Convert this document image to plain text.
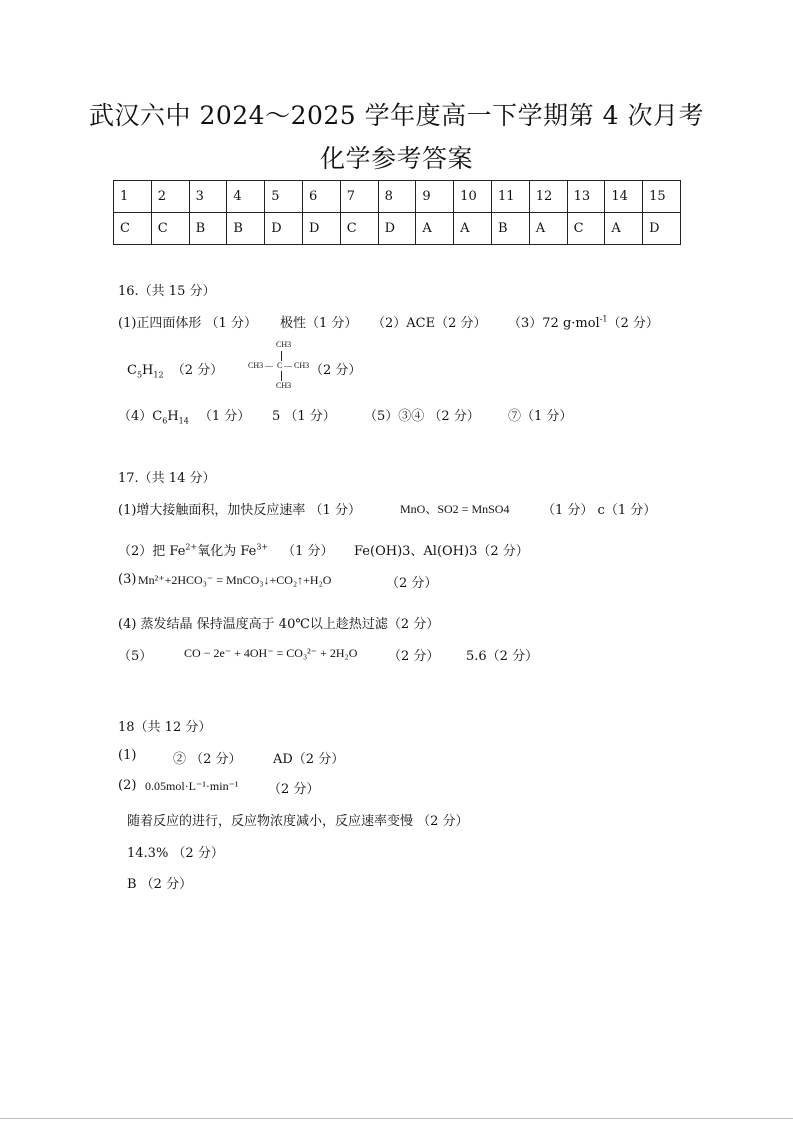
武汉六中 2024～2025 学年度高一下学期第 4 次月考
化学参考答案
1	2	3	4	5	6	7	8	9	10	11	12	13	14	15
C	C	B	B	D	D	C	D	A	A	B	A	C	A	D
16.（共 15 分）
(1)正四面体形 （1 分） 极性（1 分） （2）ACE（2 分） （3）72 g·mol$^{-1}$（2 分）
$C_5H_{12}$ （2 分）
CH3
CH3 — C — CH3
CH3
（2 分）
$(4)C_6H_{14}$ （1 分） 5 （1 分） （5）③④ （2 分） ⑦（1 分）
17.（共 14 分）
(1)增大接触面积，加快反应速率 （1 分）	MnO、SO2 = MnSO4	（1 分） c（1 分）
（2）把 $Fe^{2+}$氧化为 $Fe^{3+}$ （1 分） Fe(OH)3、Al(OH)3（2 分）
(3) Mn²⁺+2HCO₃⁻ = MnCO₃↓+CO₂↑+H₂O	（2 分）
(4) 蒸发结晶 保持温度高于 40℃以上趁热过滤（2 分）
（5）	CO − 2e⁻ + 4OH⁻ = CO₃²⁻ + 2H₂O （2 分） 5.6（2 分）
18（共 12 分）
(1)	② （2 分） AD（2 分）
(2) 0.05mol·L⁻¹·min⁻¹ （2 分）
随着反应的进行，反应物浓度减小，反应速率变慢 （2 分）
14.3% （2 分）
B （2 分）
